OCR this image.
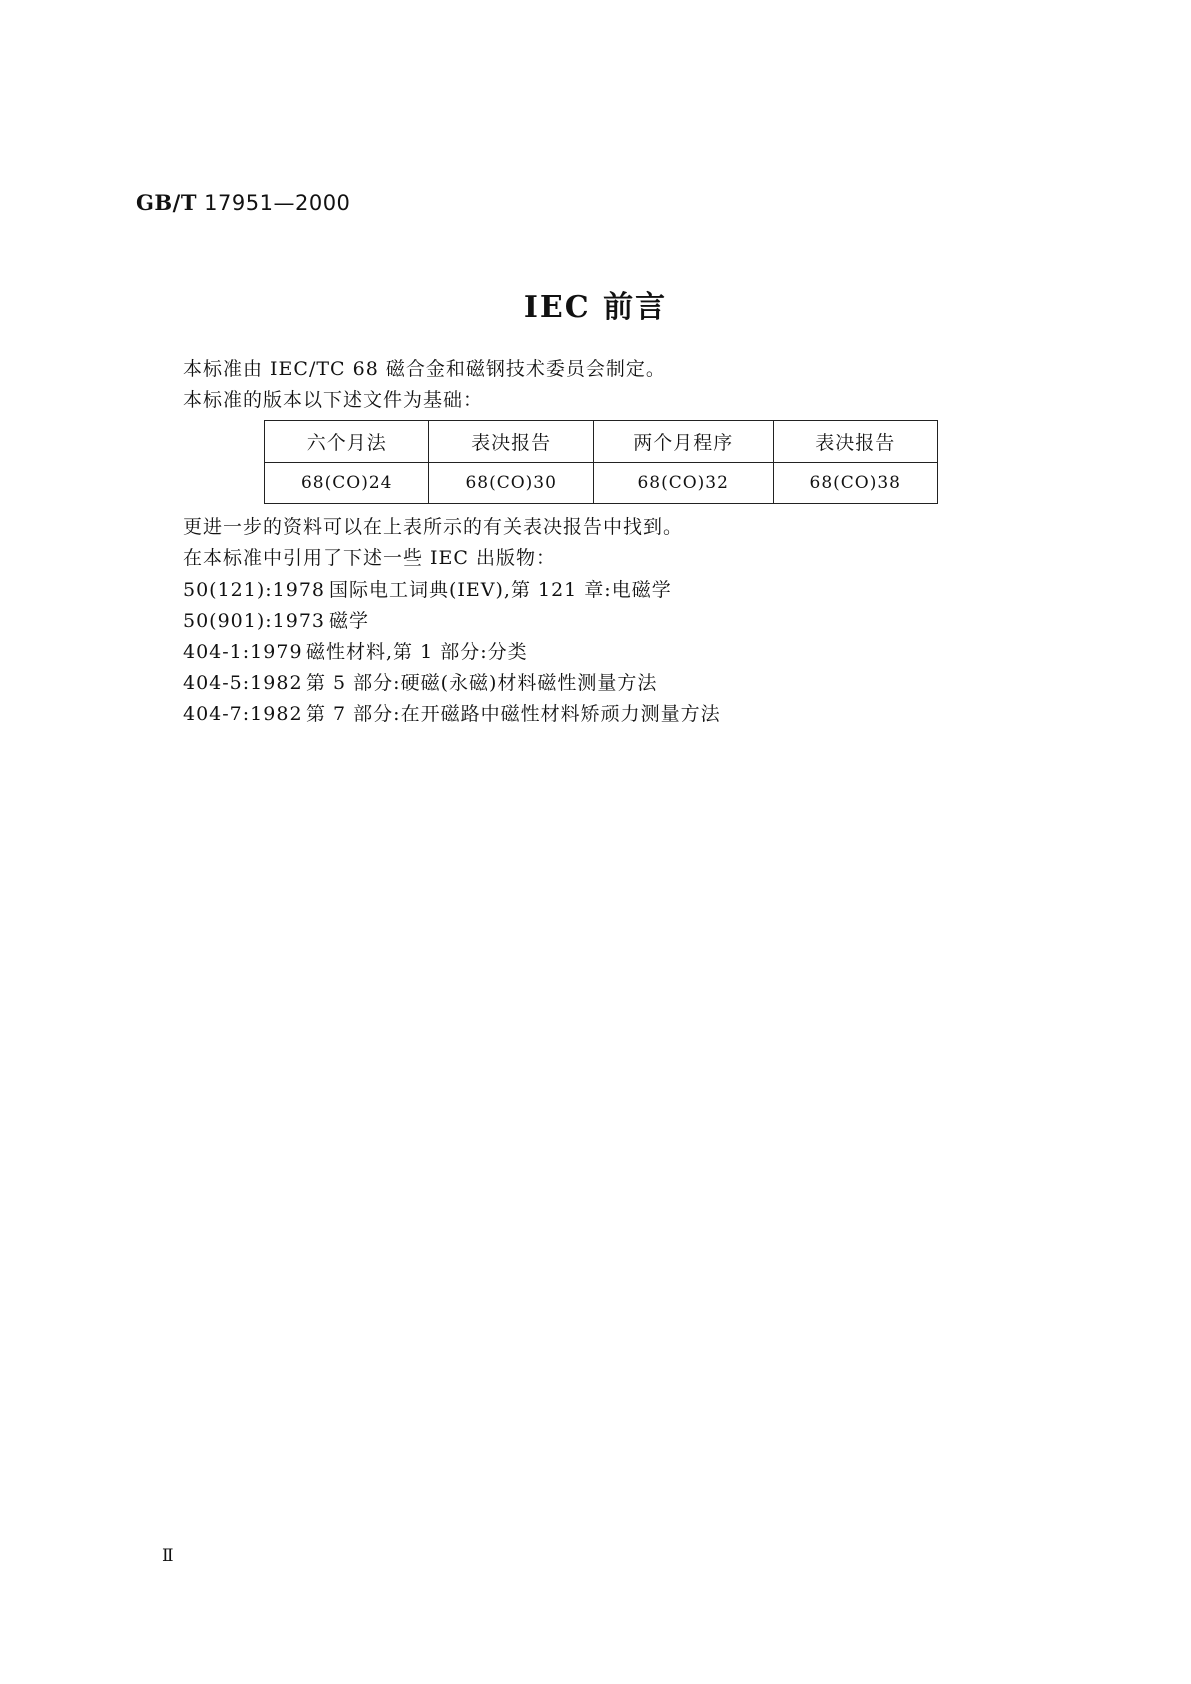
GB/T 17951—2000
IEC 前言
本标准由 IEC/TC 68 磁合金和磁钢技术委员会制定。
本标准的版本以下述文件为基础：
六个月法	表决报告	两个月程序	表决报告
68(CO)24	68(CO)30	68(CO)32	68(CO)38
更进一步的资料可以在上表所示的有关表决报告中找到。
在本标准中引用了下述一些 IEC 出版物：
50(121):1978 国际电工词典(IEV),第 121 章:电磁学
50(901):1973 磁学
404-1:1979 磁性材料,第 1 部分:分类
404-5:1982 第 5 部分:硬磁(永磁)材料磁性测量方法
404-7:1982 第 7 部分:在开磁路中磁性材料矫顽力测量方法
Ⅱ
